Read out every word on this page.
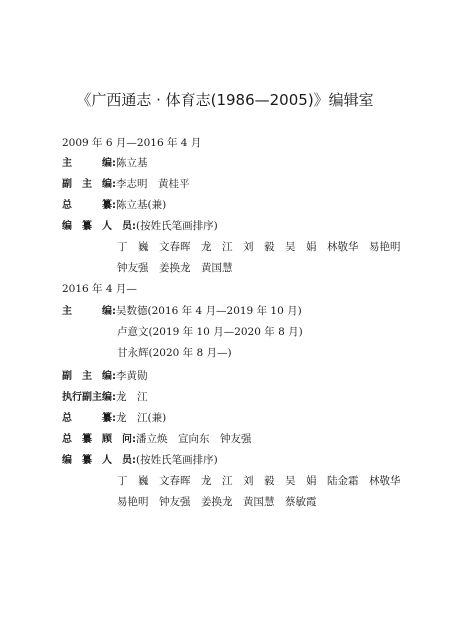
《广西通志 · 体育志(1986—2005)》编辑室
2009 年 6 月—2016 年 4 月
主　　　编:陈立基
副　主　编:李志明　黄桂平
总　　　纂:陈立基(兼)
编　纂　人　员:(按姓氏笔画排序)
丁　巍　文春晖　龙　江　刘　毅　吴　娟　林敬华　易艳明
钟友强　姜换龙　黄国慧
2016 年 4 月—
主　　　编:吴数德(2016 年 4 月—2019 年 10 月)
卢意文(2019 年 10 月—2020 年 8 月)
甘永辉(2020 年 8 月—)
副　主　编:李黄勋
执行副主编:龙　江
总　　　纂:龙　江(兼)
总　纂　顾　问:潘立焕　宣向东　钟友强
编　纂　人　员:(按姓氏笔画排序)
丁　巍　文春晖　龙　江　刘　毅　吴　娟　陆金霜　林敬华
易艳明　钟友强　姜换龙　黄国慧　蔡敏霞
